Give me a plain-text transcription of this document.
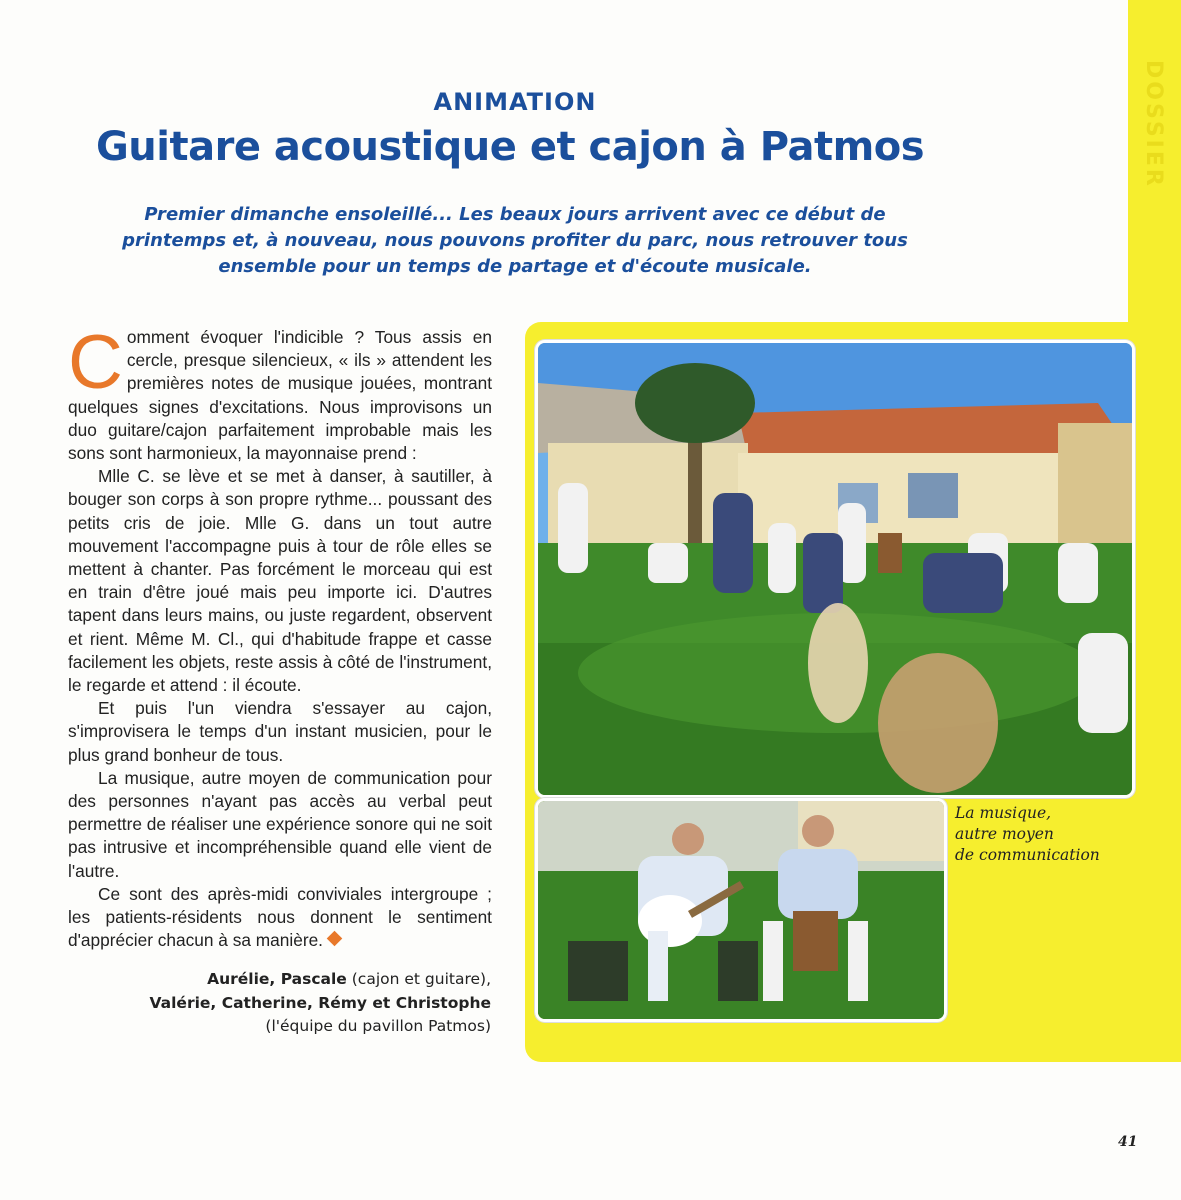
DOSSIER
ANIMATION
Guitare acoustique et cajon à Patmos
Premier dimanche ensoleillé... Les beaux jours arrivent avec ce début de printemps et, à nouveau, nous pouvons profiter du parc, nous retrouver tous ensemble pour un temps de partage et d'écoute musicale.

Comment évoquer l'indicible ? Tous assis en cercle, presque silencieux, « ils » attendent les premières notes de musique jouées, montrant quelques signes d'excitations. Nous improvisons un duo guitare/cajon parfaitement improbable mais les sons sont harmonieux, la mayonnaise prend :

Mlle C. se lève et se met à danser, à sautiller, à bouger son corps à son propre rythme... poussant des petits cris de joie. Mlle G. dans un tout autre mouvement l'accompagne puis à tour de rôle elles se mettent à chanter. Pas forcément le morceau qui est en train d'être joué mais peu importe ici. D'autres tapent dans leurs mains, ou juste regardent, observent et rient. Même M. Cl., qui d'habitude frappe et casse facilement les objets, reste assis à côté de l'instrument, le regarde et attend : il écoute.

Et puis l'un viendra s'essayer au cajon, s'improvisera le temps d'un instant musicien, pour le plus grand bonheur de tous.

La musique, autre moyen de communication pour des personnes n'ayant pas accès au verbal peut permettre de réaliser une expérience sonore qui ne soit pas intrusive et incompréhensible quand elle vient de l'autre.

Ce sont des après-midi conviviales intergroupe ; les patients-résidents nous donnent le sentiment d'apprécier chacun à sa manière.

Aurélie, Pascale (cajon et guitare),
Valérie, Catherine, Rémy et Christophe
(l'équipe du pavillon Patmos)
La musique,
autre moyen
de communication
41
